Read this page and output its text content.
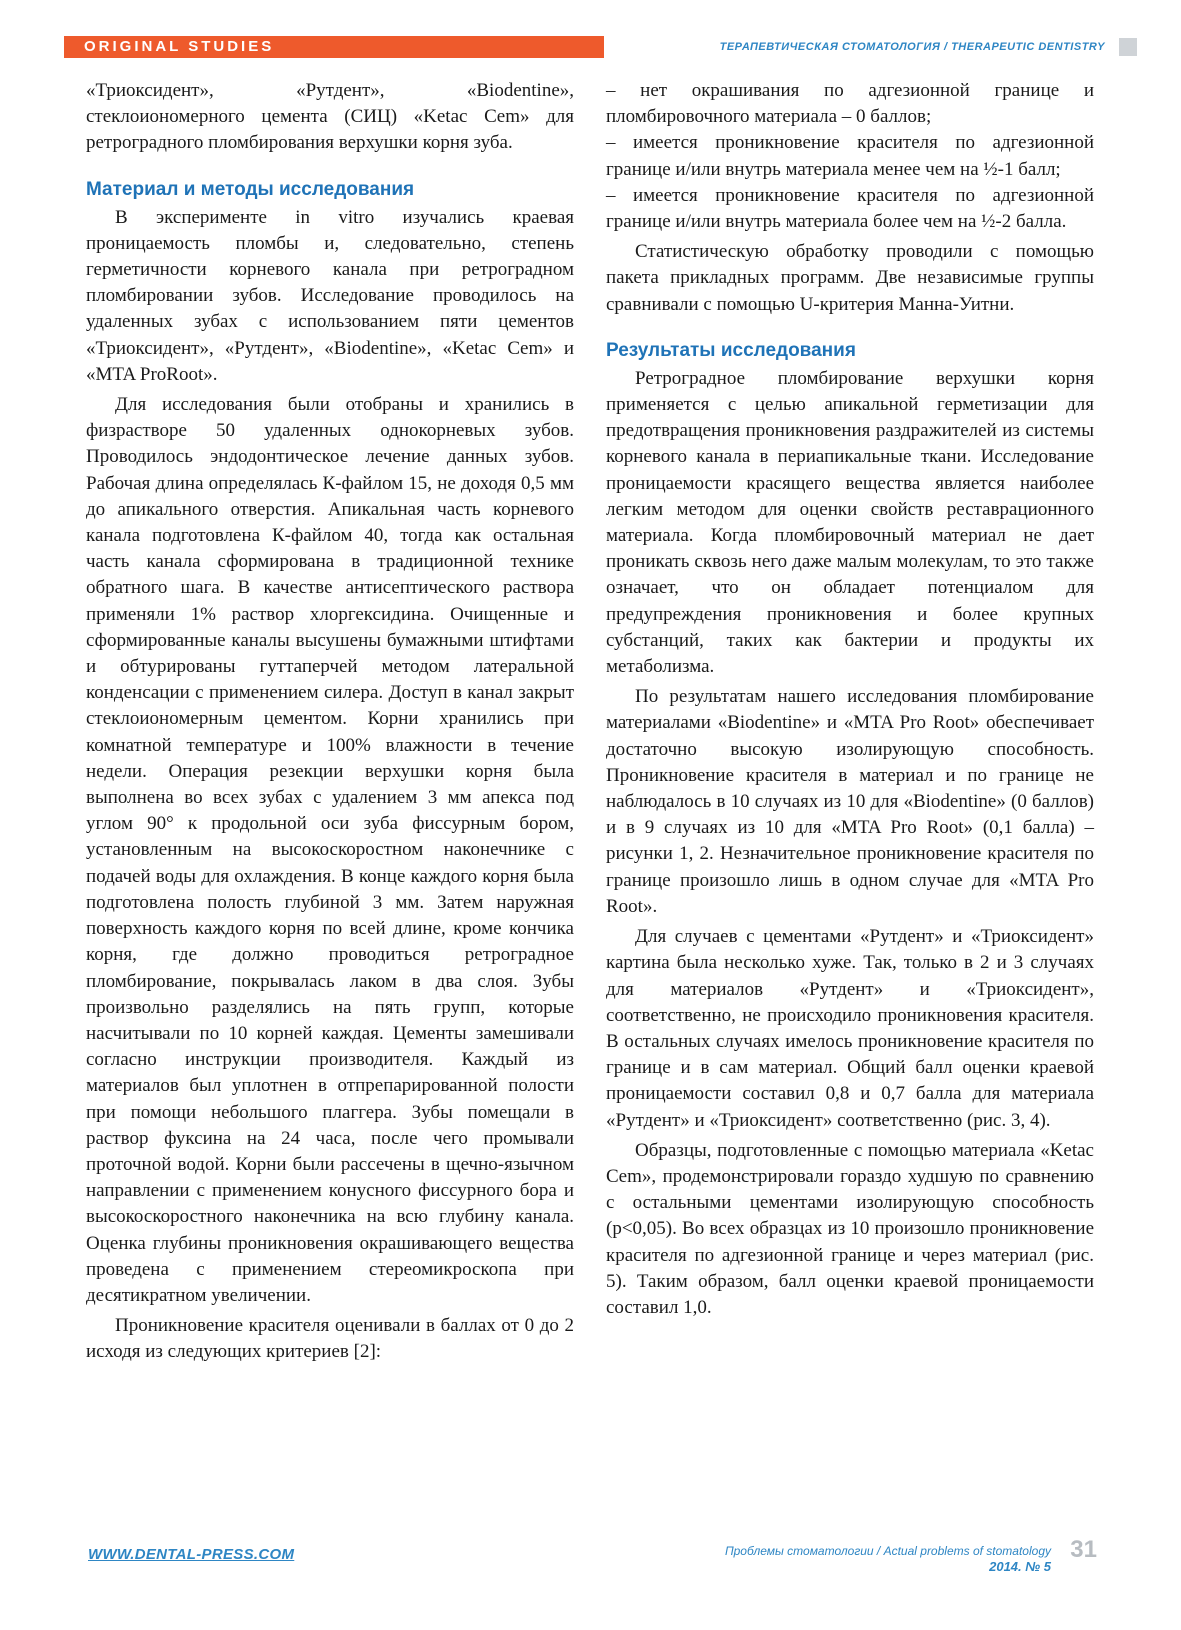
ORIGINAL STUDIES	ТЕРАПЕВТИЧЕСКАЯ СТОМАТОЛОГИЯ / THERAPEUTIC DENTISTRY

«Триоксидент», «Рутдент», «Biodentine», стеклоиономерного цемента (СИЦ) «Ketac Cem» для ретроградного пломбирования верхушки корня зуба.

Материал и методы исследования

В эксперименте in vitro изучались краевая проницаемость пломбы и, следовательно, степень герметичности корневого канала при ретроградном пломбировании зубов. Исследование проводилось на удаленных зубах с использованием пяти цементов «Триоксидент», «Рутдент», «Biodentine», «Ketac Cem» и «MTA ProRoot».

Для исследования были отобраны и хранились в физрастворе 50 удаленных однокорневых зубов. Проводилось эндодонтическое лечение данных зубов. Рабочая длина определялась К-файлом 15, не доходя 0,5 мм до апикального отверстия. Апикальная часть корневого канала подготовлена К-файлом 40, тогда как остальная часть канала сформирована в традиционной технике обратного шага. В качестве антисептического раствора применяли 1% раствор хлоргексидина. Очищенные и сформированные каналы высушены бумажными штифтами и обтурированы гуттаперчей методом латеральной конденсации с применением силера. Доступ в канал закрыт стеклоиономерным цементом. Корни хранились при комнатной температуре и 100% влажности в течение недели. Операция резекции верхушки корня была выполнена во всех зубах с удалением 3 мм апекса под углом 90° к продольной оси зуба фиссурным бором, установленным на высокоскоростном наконечнике с подачей воды для охлаждения. В конце каждого корня была подготовлена полость глубиной 3 мм. Затем наружная поверхность каждого корня по всей длине, кроме кончика корня, где должно проводиться ретроградное пломбирование, покрывалась лаком в два слоя. Зубы произвольно разделялись на пять групп, которые насчитывали по 10 корней каждая. Цементы замешивали согласно инструкции производителя. Каждый из материалов был уплотнен в отпрепарированной полости при помощи небольшого плаггера. Зубы помещали в раствор фуксина на 24 часа, после чего промывали проточной водой. Корни были рассечены в щечно-язычном направлении с применением конусного фиссурного бора и высокоскоростного наконечника на всю глубину канала. Оценка глубины проникновения окрашивающего вещества проведена с применением стереомикроскопа при десятикратном увеличении.

Проникновение красителя оценивали в баллах от 0 до 2 исходя из следующих критериев [2]:

– нет окрашивания по адгезионной границе и пломбировочного материала – 0 баллов;

– имеется проникновение красителя по адгезионной границе и/или внутрь материала менее чем на ½-1 балл;

– имеется проникновение красителя по адгезионной границе и/или внутрь материала более чем на ½-2 балла.

Статистическую обработку проводили с помощью пакета прикладных программ. Две независимые группы сравнивали с помощью U-критерия Манна-Уитни.

Результаты исследования

Ретроградное пломбирование верхушки корня применяется с целью апикальной герметизации для предотвращения проникновения раздражителей из системы корневого канала в периапикальные ткани. Исследование проницаемости красящего вещества является наиболее легким методом для оценки свойств реставрационного материала. Когда пломбировочный материал не дает проникать сквозь него даже малым молекулам, то это также означает, что он обладает потенциалом для предупреждения проникновения и более крупных субстанций, таких как бактерии и продукты их метаболизма.

По результатам нашего исследования пломбирование материалами «Biodentine» и «MTA Pro Root» обеспечивает достаточно высокую изолирующую способность. Проникновение красителя в материал и по границе не наблюдалось в 10 случаях из 10 для «Biodentine» (0 баллов) и в 9 случаях из 10 для «MTA Pro Root» (0,1 балла) – рисунки 1, 2. Незначительное проникновение красителя по границе произошло лишь в одном случае для «MTA Pro Root».

Для случаев с цементами «Рутдент» и «Триоксидент» картина была несколько хуже. Так, только в 2 и 3 случаях для материалов «Рутдент» и «Триоксидент», соответственно, не происходило проникновения красителя. В остальных случаях имелось проникновение красителя по границе и в сам материал. Общий балл оценки краевой проницаемости составил 0,8 и 0,7 балла для материала «Рутдент» и «Триоксидент» соответственно (рис. 3, 4).

Образцы, подготовленные с помощью материала «Ketac Cem», продемонстрировали гораздо худшую по сравнению с остальными цементами изолирующую способность (p<0,05). Во всех образцах из 10 произошло проникновение красителя по адгезионной границе и через материал (рис. 5). Таким образом, балл оценки краевой проницаемости составил 1,0.

WWW.DENTAL-PRESS.COM	Проблемы стоматологии / Actual problems of stomatology
2014. № 5
31
